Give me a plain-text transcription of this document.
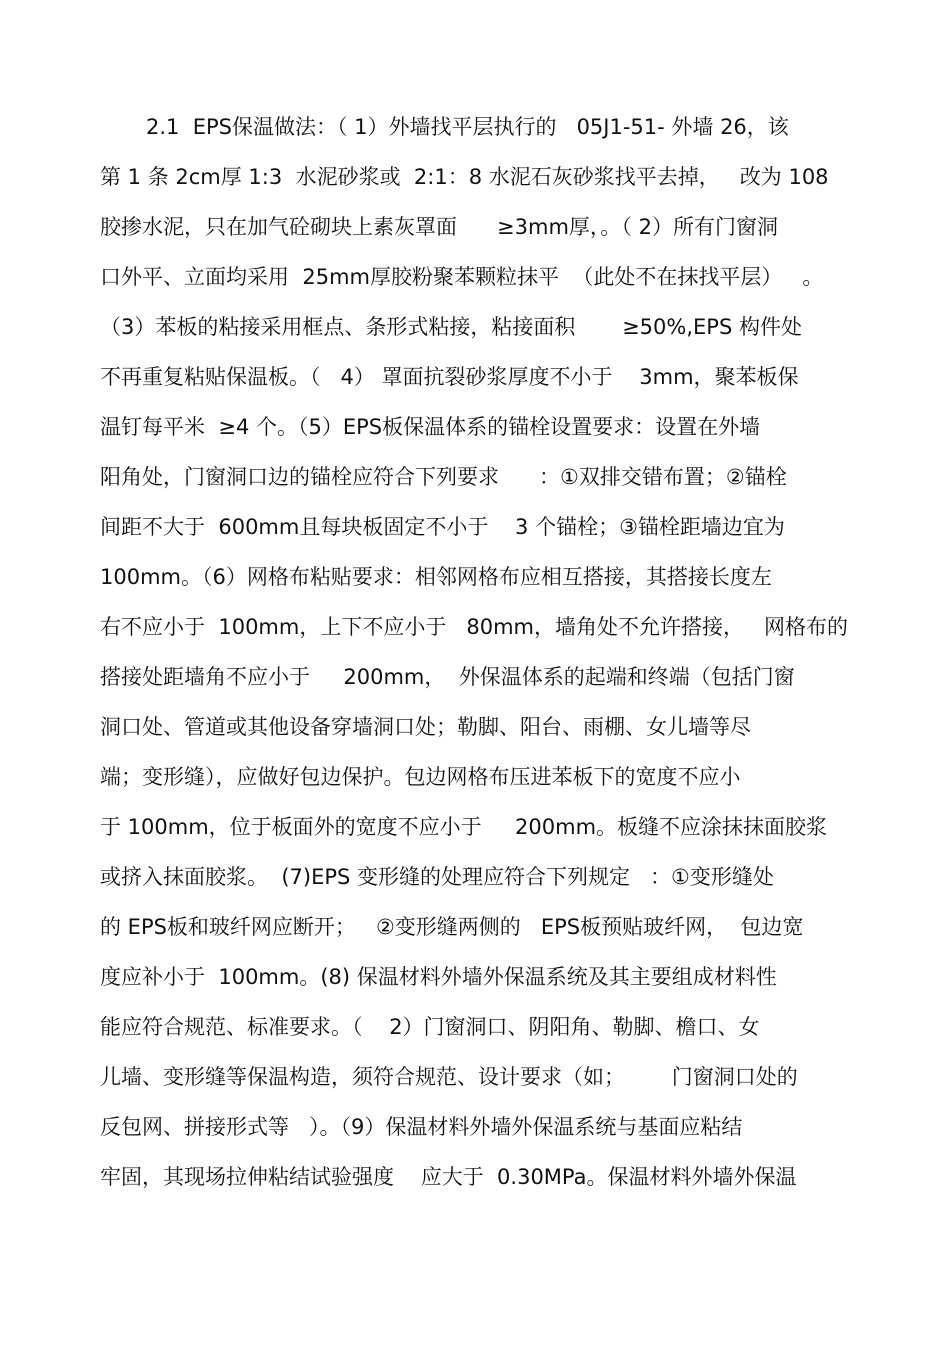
2.1  EPS保温做法：（ 1）外墙找平层执行的   05J1-51- 外墙 26，该
第 1 条 2cm厚 1:3  水泥砂浆或  2:1：8 水泥石灰砂浆找平去掉，   改为 108
胶掺水泥，只在加气砼砌块上素灰罩面      ≥3mm厚，。（ 2）所有门窗洞
口外平、立面均采用  25mm厚胶粉聚苯颗粒抹平  （此处不在抹找平层）   。
（3）苯板的粘接采用框点、条形式粘接，粘接面积       ≥50%,EPS 构件处
不再重复粘贴保温板。（   4） 罩面抗裂砂浆厚度不小于    3mm，聚苯板保
温钉每平米  ≥4 个。（5）EPS板保温体系的锚栓设置要求：设置在外墙
阳角处，门窗洞口边的锚栓应符合下列要求      ：①双排交错布置；②锚栓
间距不大于  600mm且每块板固定不小于    3 个锚栓；③锚栓距墙边宜为
100mm。（6）网格布粘贴要求：相邻网格布应相互搭接，其搭接长度左
右不应小于  100mm，上下不应小于   80mm，墙角处不允许搭接，   网格布的
搭接处距墙角不应小于     200mm，  外保温体系的起端和终端（包括门窗
洞口处、管道或其他设备穿墙洞口处；勒脚、阳台、雨棚、女儿墙等尽
端；变形缝），应做好包边保护。包边网格布压进苯板下的宽度不应小
于 100mm，位于板面外的宽度不应小于     200mm。板缝不应涂抹抹面胶浆
或挤入抹面胶浆。  (7)EPS 变形缝的处理应符合下列规定   ：①变形缝处
的 EPS板和玻纤网应断开；   ②变形缝两侧的   EPS板预贴玻纤网，  包边宽
度应补小于  100mm。(8) 保温材料外墙外保温系统及其主要组成材料性
能应符合规范、标准要求。（    2）门窗洞口、阴阳角、勒脚、檐口、女
儿墙、变形缝等保温构造，须符合规范、设计要求（如；       门窗洞口处的
反包网、拼接形式等   ）。（9）保温材料外墙外保温系统与基面应粘结
牢固，其现场拉伸粘结试验强度    应大于  0.30MPa。保温材料外墙外保温
